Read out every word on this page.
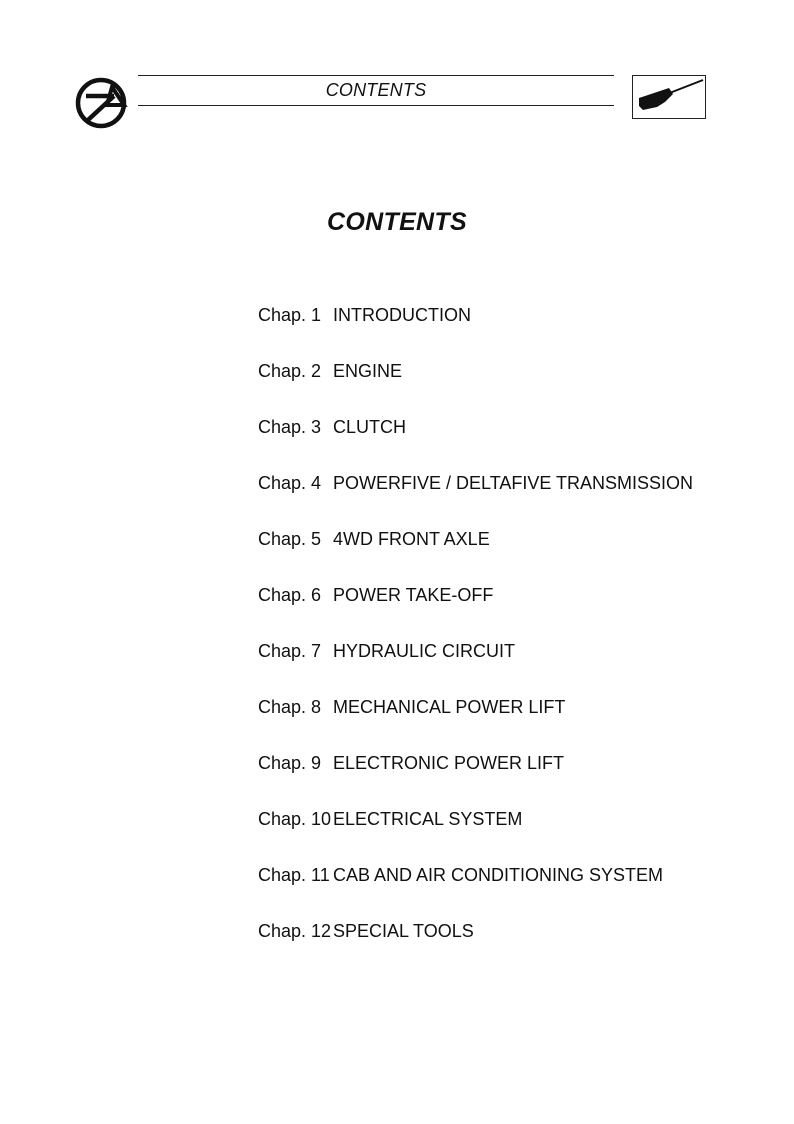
CONTENTS
CONTENTS
Chap. 1 INTRODUCTION
Chap. 2 ENGINE
Chap. 3 CLUTCH
Chap. 4 POWERFIVE / DELTAFIVE TRANSMISSION
Chap. 5 4WD FRONT AXLE
Chap. 6 POWER TAKE-OFF
Chap. 7 HYDRAULIC CIRCUIT
Chap. 8 MECHANICAL POWER LIFT
Chap. 9 ELECTRONIC POWER LIFT
Chap. 10 ELECTRICAL SYSTEM
Chap. 11 CAB AND AIR CONDITIONING SYSTEM
Chap. 12 SPECIAL TOOLS
